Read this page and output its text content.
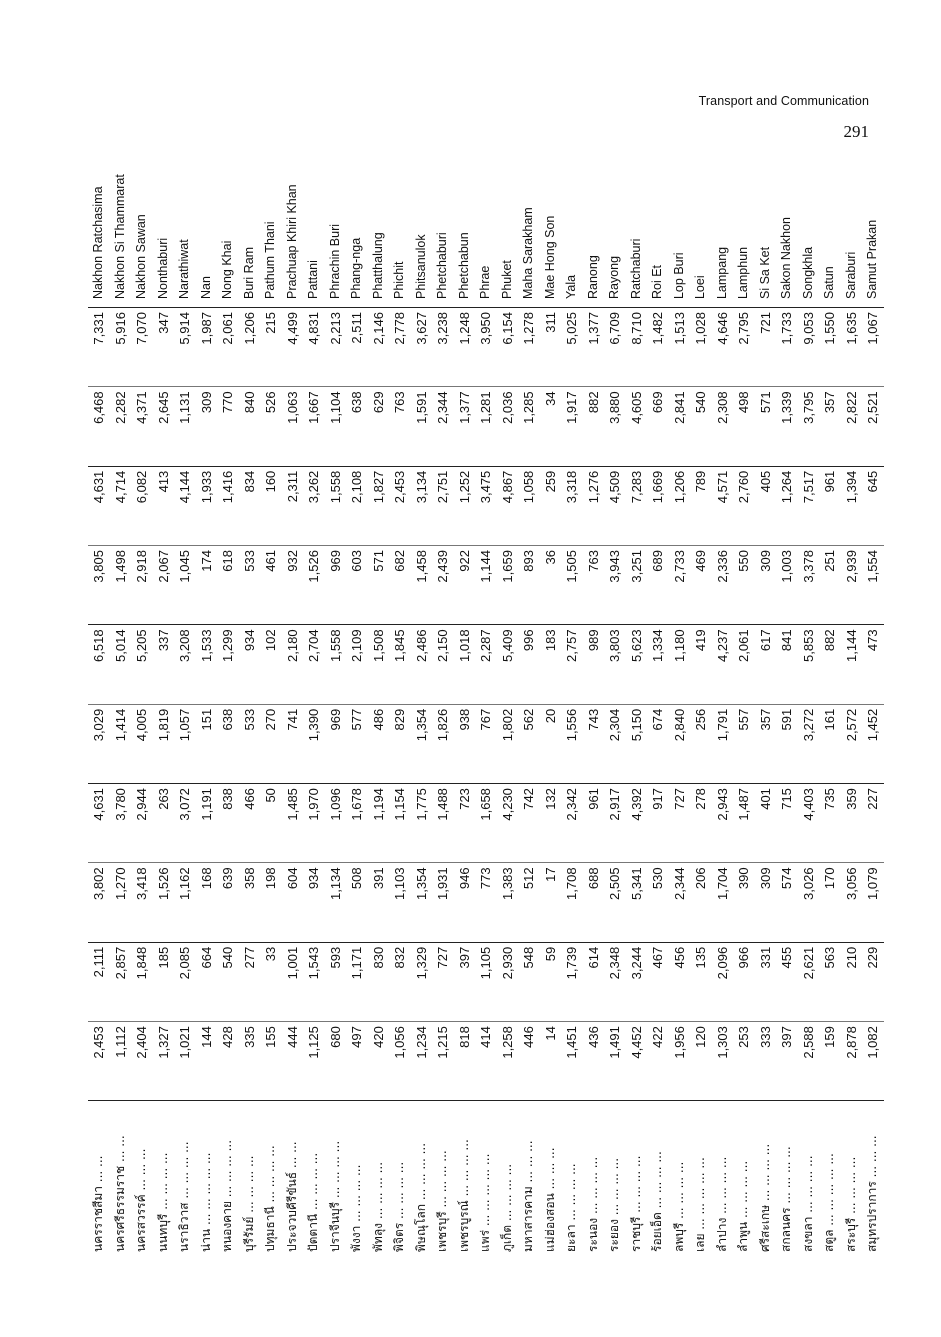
Transport and Communication
291
นครราชสีมา ... ...	2,453	2,111	3,802	4,631	3,029	6,518	3,805	4,631	6,468	7,331	Nakhon Ratchasima
นครศรีธรรมราช ... ...	1,112	2,857	1,270	3,780	1,414	5,014	1,498	4,714	2,282	5,916	Nakhon Si Thammarat
นครสวรรค์ ... ... ...	2,404	1,848	3,418	2,944	4,005	5,205	2,918	6,082	4,371	7,070	Nakhon Sawan
นนทบุรี ... ... ... ...	1,327	185	1,526	263	1,819	337	2,067	413	2,645	347	Nonthaburi
นราธิวาส ... ... ... ...	1,021	2,085	1,162	3,072	1,057	3,208	1,045	4,144	1,131	5,914	Narathiwat
น่าน ... ... ... ... ...	144	664	168	1,191	151	1,533	174	1,933	309	1,987	Nan
หนองคาย ... ... ... ...	428	540	639	838	638	1,299	618	1,416	770	2,061	Nong Khai
บุรีรัมย์ ... ... ... ...	335	277	358	466	533	934	533	834	840	1,206	Buri Ram
ปทุมธานี ... ... ... ...	155	33	198	50	270	102	461	160	526	215	Pathum Thani
ประจวบคีรีขันธ์ ... ...	444	1,001	604	1,485	741	2,180	932	2,311	1,063	4,499	Prachuap Khiri Khan
ปัตตานี ... ... ... ...	1,125	1,543	934	1,970	1,390	2,704	1,526	3,262	1,667	4,831	Pattani
ปราจีนบุรี ... ... ... ...	680	593	1,134	1,096	969	1,558	969	1,558	1,104	2,213	Phrachin Buri
พังงา ... ... ... ...	497	1,171	508	1,678	577	2,109	603	2,108	638	2,511	Phang-nga
พัทลุง ... ... ... ...	420	830	391	1,194	486	1,508	571	1,827	629	2,146	Phatthalung
พิจิตร ... ... ... ...	1,056	832	1,103	1,154	829	1,845	682	2,453	763	2,778	Phichit
พิษณุโลก ... ... ... ...	1,234	1,329	1,354	1,775	1,354	2,486	1,458	3,134	1,591	3,627	Phitsanulok
เพชรบุรี ... ... ... ...	1,215	727	1,931	1,488	1,826	2,150	2,439	2,751	2,344	3,238	Phetchaburi
เพชรบูรณ์ ... ... ... ...	818	397	946	723	938	1,018	922	1,252	1,377	1,248	Phetchabun
แพร่ ... ... ... ... ...	414	1,105	773	1,658	767	2,287	1,144	3,475	1,281	3,950	Phrae
ภูเก็ต ... ... ... ...	1,258	2,930	1,383	4,230	1,802	5,409	1,659	4,867	2,036	6,154	Phuket
มหาสารคาม ... ... ...	446	548	512	742	562	996	893	1,058	1,285	1,278	Maha Sarakham
แม่ฮ่องสอน ... ... ...	14	59	17	132	20	183	36	259	34	311	Mae Hong Son
ยะลา ... ... ... ...	1,451	1,739	1,708	2,342	1,556	2,757	1,505	3,318	1,917	5,025	Yala
ระนอง ... ... ... ...	436	614	688	961	743	989	763	1,276	882	1,377	Ranong
ระยอง ... ... ... ...	1,491	2,348	2,505	2,917	2,304	3,803	3,943	4,509	3,880	6,709	Rayong
ราชบุรี ... ... ... ...	4,452	3,244	5,341	4,392	5,150	5,623	3,251	7,283	4,605	8,710	Ratchaburi
ร้อยเอ็ด ... ... ... ...	422	467	530	917	674	1,334	689	1,669	669	1,482	Roi Et
ลพบุรี ... ... ... ...	1,956	456	2,344	727	2,840	1,180	2,733	1,206	2,841	1,513	Lop Buri
เลย ... ... ... ... ...	120	135	206	278	256	419	469	789	540	1,028	Loei
ลำปาง ... ... ... ...	1,303	2,096	1,704	2,943	1,791	4,237	2,336	4,571	2,308	4,646	Lampang
ลำพูน ... ... ... ...	253	966	390	1,487	557	2,061	550	2,760	498	2,795	Lamphun
ศรีสะเกษ ... ... ... ...	333	331	309	401	357	617	309	405	571	721	Si Sa Ket
สกลนคร ... ... ... ...	397	455	574	715	591	841	1,003	1,264	1,339	1,733	Sakon Nakhon
สงขลา ... ... ... ...	2,588	2,621	3,026	4,403	3,272	5,853	3,378	7,517	3,795	9,053	Songkhla
สตูล ... ... ... ... ...	159	563	170	735	161	882	251	961	357	1,550	Satun
สระบุรี ... ... ... ...	2,878	210	3,056	359	2,572	1,144	2,939	1,394	2,822	1,635	Saraburi
สมุทรปราการ ... ... ...	1,082	229	1,079	227	1,452	473	1,554	645	2,521	1,067	Samut Prakan
